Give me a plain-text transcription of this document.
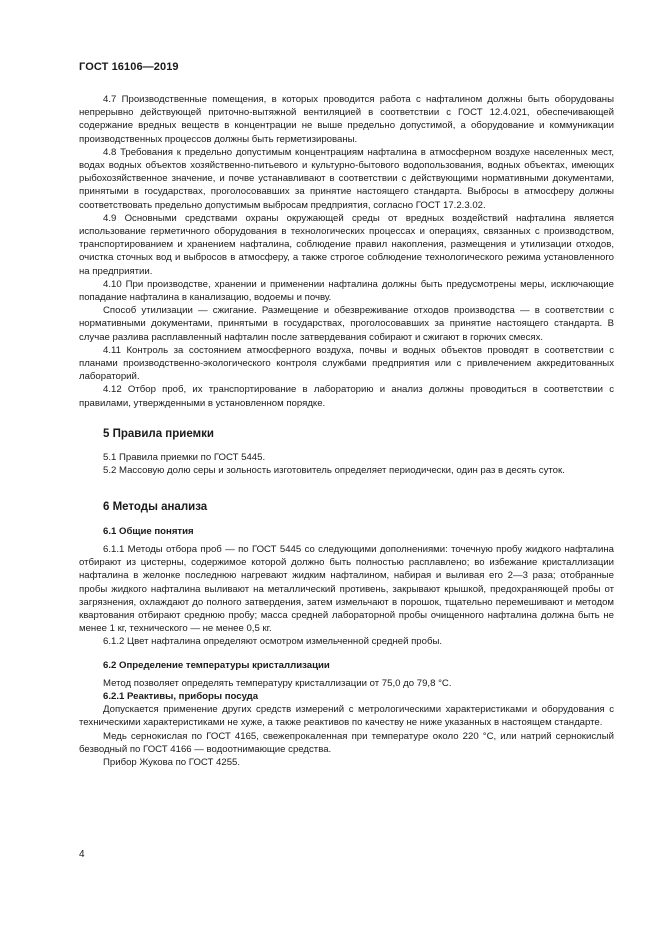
ГОСТ 16106—2019

4.7 Производственные помещения, в которых проводится работа с нафталином должны быть оборудованы непрерывно действующей приточно-вытяжной вентиляцией в соответствии с ГОСТ 12.4.021, обеспечивающей содержание вредных веществ в концентрации не выше предельно допустимой, а оборудование и коммуникации производственных процессов должны быть герметизированы.

4.8 Требования к предельно допустимым концентрациям нафталина в атмосферном воздухе населенных мест, водах водных объектов хозяйственно-питьевого и культурно-бытового водопользования, водных объектах, имеющих рыбохозяйственное значение, и почве устанавливают в соответствии с действующими нормативными документами, принятыми в государствах, проголосовавших за принятие настоящего стандарта. Выбросы в атмосферу должны соответствовать предельно допустимым выбросам предприятия, согласно ГОСТ 17.2.3.02.

4.9 Основными средствами охраны окружающей среды от вредных воздействий нафталина является использование герметичного оборудования в технологических процессах и операциях, связанных с производством, транспортированием и хранением нафталина, соблюдение правил накопления, размещения и утилизации отходов, очистка сточных вод и выбросов в атмосферу, а также строгое соблюдение технологического режима установленного на предприятии.

4.10 При производстве, хранении и применении нафталина должны быть предусмотрены меры, исключающие попадание нафталина в канализацию, водоемы и почву.

Способ утилизации — сжигание. Размещение и обезвреживание отходов производства — в соответствии с нормативными документами, принятыми в государствах, проголосовавших за принятие настоящего стандарта. В случае разлива расплавленный нафталин после затвердевания собирают и сжигают в горючих смесях.

4.11 Контроль за состоянием атмосферного воздуха, почвы и водных объектов проводят в соответствии с планами производственно-экологического контроля службами предприятия или с привлечением аккредитованных лабораторий.

4.12 Отбор проб, их транспортирование в лабораторию и анализ должны проводиться в соответствии с правилами, утвержденными в установленном порядке.

5 Правила приемки

5.1 Правила приемки по ГОСТ 5445.

5.2 Массовую долю серы и зольность изготовитель определяет периодически, один раз в десять суток.

6 Методы анализа
6.1 Общие понятия

6.1.1 Методы отбора проб — по ГОСТ 5445 со следующими дополнениями: точечную пробу жидкого нафталина отбирают из цистерны, содержимое которой должно быть полностью расплавлено; во избежание кристаллизации нафталина в желонке последнюю нагревают жидким нафталином, набирая и выливая его 2—3 раза; отобранные пробы жидкого нафталина выливают на металлический противень, закрывают крышкой, предохраняющей пробы от загрязнения, охлаждают до полного затвердения, затем измельчают в порошок, тщательно перемешивают и методом квартования отбирают среднюю пробу; масса средней лабораторной пробы очищенного нафталина должна быть не менее 1 кг, технического — не менее 0,5 кг.

6.1.2 Цвет нафталина определяют осмотром измельченной средней пробы.

6.2 Определение температуры кристаллизации

Метод позволяет определять температуру кристаллизации от 75,0 до 79,8 °С.

6.2.1 Реактивы, приборы посуда

Допускается применение других средств измерений с метрологическими характеристиками и оборудования с техническими характеристиками не хуже, а также реактивов по качеству не ниже указанных в настоящем стандарте.

Медь сернокислая по ГОСТ 4165, свежепрокаленная при температуре около 220 °С, или натрий сернокислый безводный по ГОСТ 4166 — водоотнимающие средства.

Прибор Жукова по ГОСТ 4255.

4
